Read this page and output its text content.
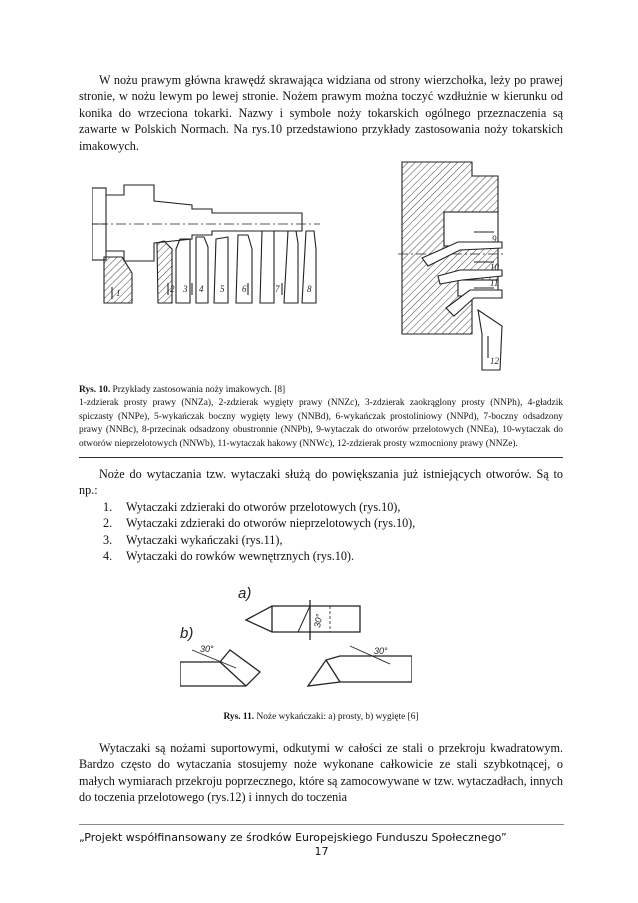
W nożu prawym główna krawędź skrawająca widziana od strony wierzchołka, leży po prawej stronie, w nożu lewym po lewej stronie. Nożem prawym można toczyć wzdłużnie w kierunku od konika do wrzeciona tokarki. Nazwy i symbole noży tokarskich ogólnego przeznaczenia są zawarte w Polskich Normach. Na rys.10 przedstawiono przykłady zastosowania noży tokarskich imakowych.

1	2 3 4 5 6	7	8
9
10
11
12
Rys. 10. Przykłady zastosowania noży imakowych. [8]
1-zdzierak prosty prawy (NNZa), 2-zdzierak wygięty prawy (NNZc), 3-zdzierak zaokrąglony prosty (NNPh), 4-gładzik spiczasty (NNPe), 5-wykańczak boczny wygięty lewy (NNBd), 6-wykańczak prostoliniowy (NNPd), 7-boczny odsadzony prawy (NNBc), 8-przecinak odsadzony obustronnie (NNPb), 9-wytaczak do otworów przelotowych (NNEa), 10-wytaczak do otworów nieprzelotowych (NNWb), 11-wytaczak hakowy (NNWc), 12-zdzierak prosty wzmocniony prawy (NNZe).

Noże do wytaczania tzw. wytaczaki służą do powiększania już istniejących otworów. Są to np.:

1.	Wytaczaki zdzieraki do otworów przelotowych (rys.10),
2.	Wytaczaki zdzieraki do otworów nieprzelotowych (rys.10),
3.	Wytaczaki wykańczaki (rys.11),
4.	Wytaczaki do rowków wewnętrznych (rys.10).
a)
b)
30°
30°	30°
Rys. 11. Noże wykańczaki: a) prosty, b) wygięte [6]

Wytaczaki są nożami suportowymi, odkutymi w całości ze stali o przekroju kwadratowym. Bardzo często do wytaczania stosujemy noże wykonane całkowicie ze stali szybkotnącej, o małych wymiarach przekroju poprzecznego, które są zamocowywane w tzw. wytaczadłach, innych do toczenia przelotowego (rys.12) i innych do toczenia

„Projekt współfinansowany ze środków Europejskiego Funduszu Społecznego”
17
